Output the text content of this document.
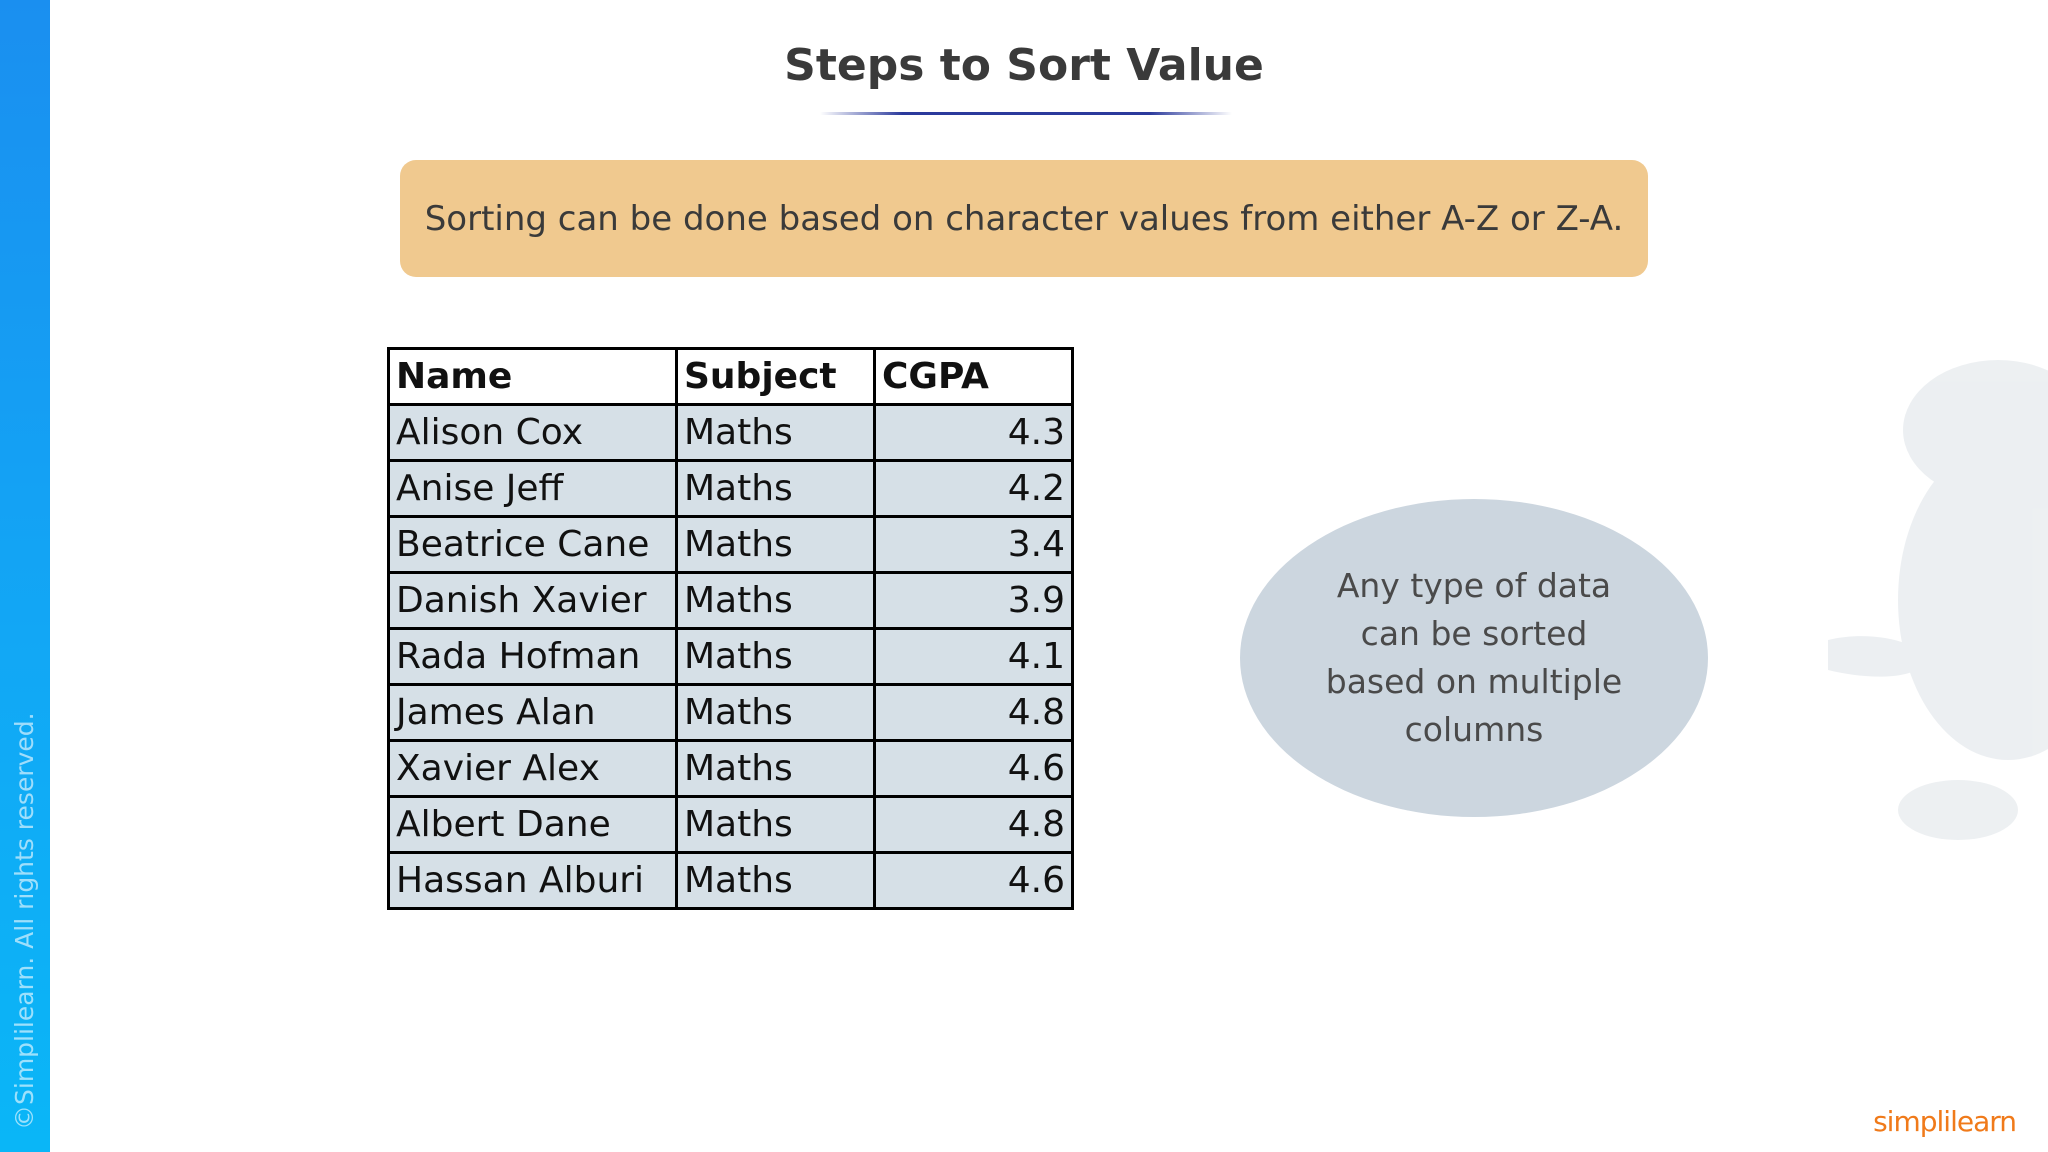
©Simplilearn. All rights reserved.
Steps to Sort Value
Sorting can be done based on character values from either A-Z or Z-A.
Name	Subject	CGPA
Alison Cox	Maths	4.3
Anise Jeff	Maths	4.2
Beatrice Cane	Maths	3.4
Danish Xavier	Maths	3.9
Rada Hofman	Maths	4.1
James Alan	Maths	4.8
Xavier Alex	Maths	4.6
Albert Dane	Maths	4.8
Hassan Alburi	Maths	4.6
Any type of data can be sorted based on multiple columns
simplilearn
